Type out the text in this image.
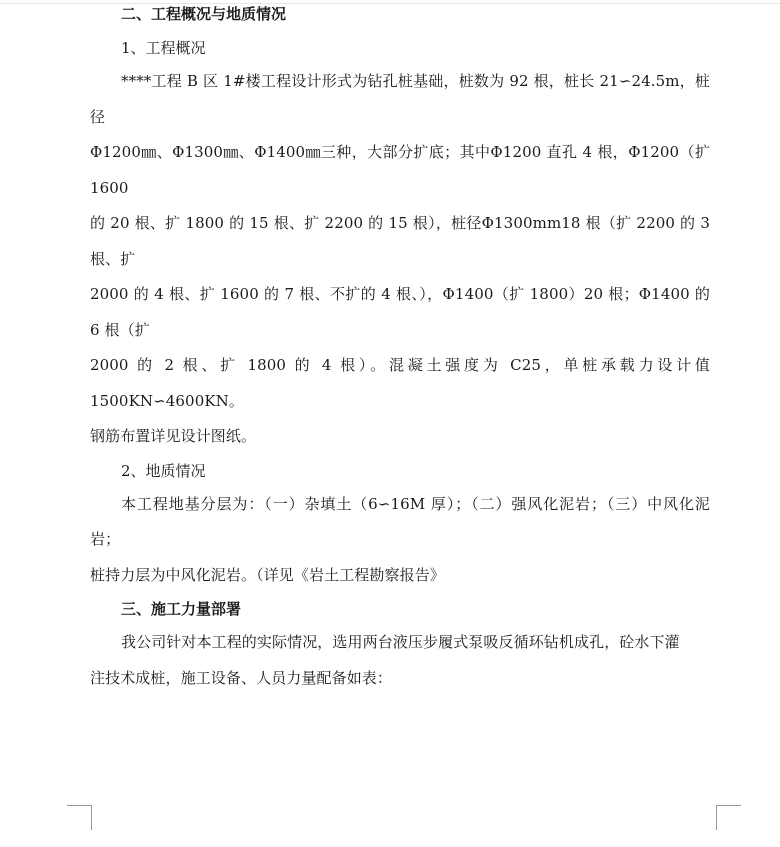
二、工程概况与地质情况

1、工程概况

****工程 B 区 1#楼工程设计形式为钻孔桩基础，桩数为 92 根，桩长 21∽24.5m，桩径
Φ1200㎜、Φ1300㎜、Φ1400㎜三种，大部分扩底；其中Φ1200 直孔 4 根，Φ1200（扩 1600
的 20 根、扩 1800 的 15 根、扩 2200 的 15 根），桩径Φ1300mm18 根（扩 2200 的 3 根、扩
2000 的 4 根、扩 1600 的 7 根、不扩的 4 根、），Φ1400（扩 1800）20 根；Φ1400 的 6 根（扩
2000 的 2 根、扩 1800 的 4 根）。混凝土强度为 C25，单桩承载力设计值 1500KN∽4600KN。
钢筋布置详见设计图纸。

2、地质情况

本工程地基分层为：（一）杂填土（6∽16M 厚）；（二）强风化泥岩；（三）中风化泥岩；
桩持力层为中风化泥岩。（详见《岩土工程勘察报告》

三、施工力量部署

我公司针对本工程的实际情况，选用两台液压步履式泵吸反循环钻机成孔，砼水下灌
注技术成桩，施工设备、人员力量配备如表：
